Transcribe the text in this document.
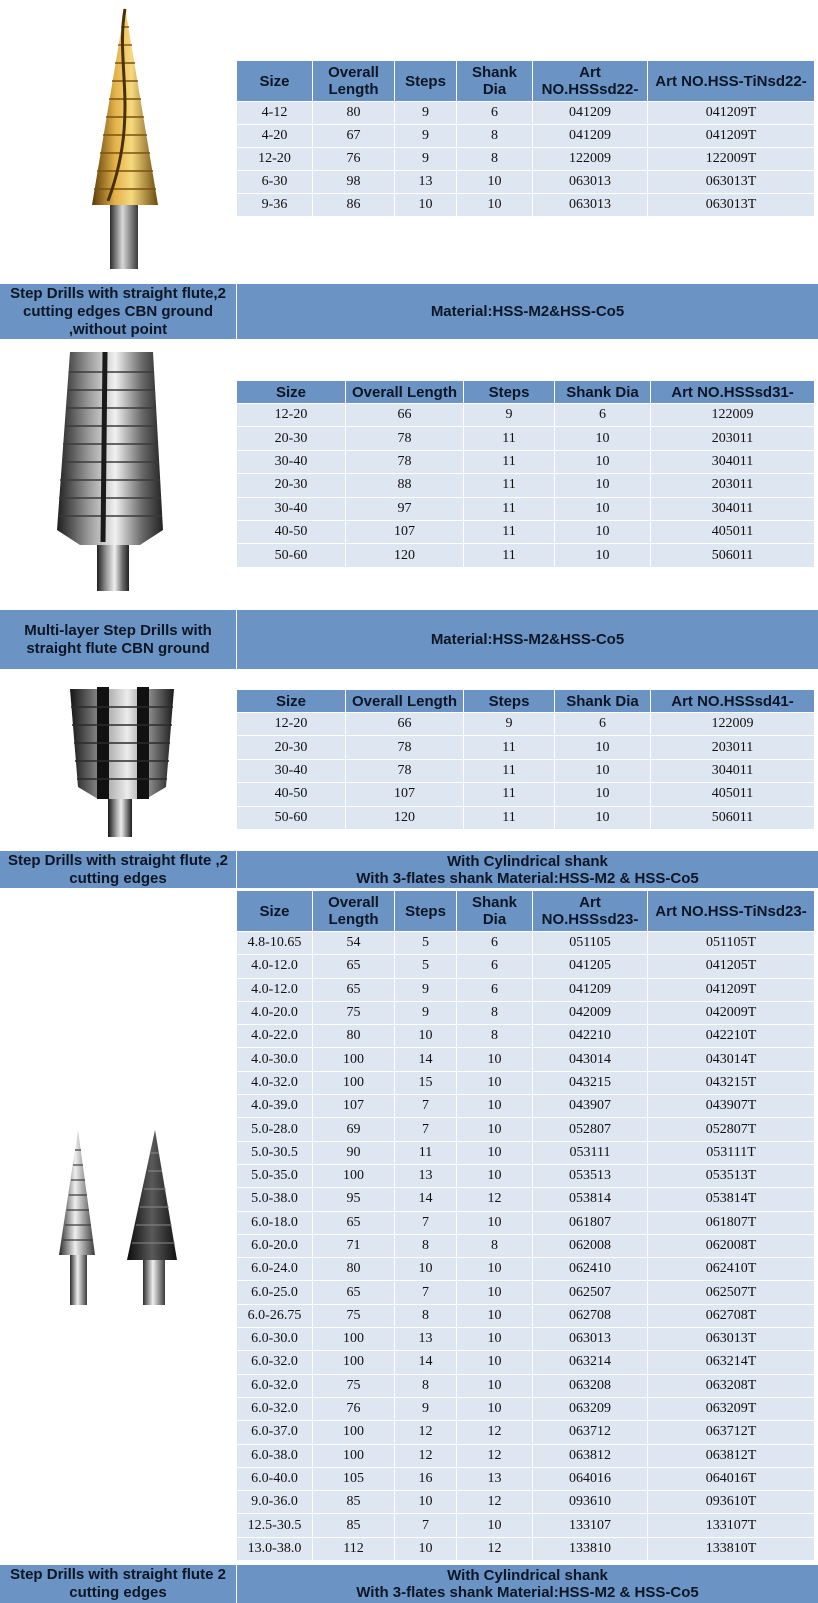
Size	Overall Length	Steps	Shank Dia	Art NO.HSSsd22-	Art NO.HSS-TiNsd22-
4-12	80	9	6	041209	041209T
4-20	67	9	8	041209	041209T
12-20	76	9	8	122009	122009T
6-30	98	13	10	063013	063013T
9-36	86	10	10	063013	063013T
Step Drills with straight flute,2 cutting edges CBN ground ,without point
Material:HSS-M2&HSS-Co5
Size	Overall Length	Steps	Shank Dia	Art NO.HSSsd31-
12-20	66	9	6	122009
20-30	78	11	10	203011
30-40	78	11	10	304011
20-30	88	11	10	203011
30-40	97	11	10	304011
40-50	107	11	10	405011
50-60	120	11	10	506011
Multi-layer Step Drills with straight flute CBN ground	Material:HSS-M2&HSS-Co5
Size	Overall Length	Steps	Shank Dia	Art NO.HSSsd41-
12-20	66	9	6	122009
20-30	78	11	10	203011
30-40	78	11	10	304011
40-50	107	11	10	405011
50-60	120	11	10	506011
Step Drills with straight flute ,2 cutting edges
With Cylindrical shank
With 3-flates shank Material:HSS-M2 & HSS-Co5
Size	Overall Length	Steps	Shank Dia	Art NO.HSSsd23-	Art NO.HSS-TiNsd23-
4.8-10.65	54	5	6	051105	051105T
4.0-12.0	65	5	6	041205	041205T
4.0-12.0	65	9	6	041209	041209T
4.0-20.0	75	9	8	042009	042009T
4.0-22.0	80	10	8	042210	042210T
4.0-30.0	100	14	10	043014	043014T
4.0-32.0	100	15	10	043215	043215T
4.0-39.0	107	7	10	043907	043907T
5.0-28.0	69	7	10	052807	052807T
5.0-30.5	90	11	10	053111	053111T
5.0-35.0	100	13	10	053513	053513T
5.0-38.0	95	14	12	053814	053814T
6.0-18.0	65	7	10	061807	061807T
6.0-20.0	71	8	8	062008	062008T
6.0-24.0	80	10	10	062410	062410T
6.0-25.0	65	7	10	062507	062507T
6.0-26.75	75	8	10	062708	062708T
6.0-30.0	100	13	10	063013	063013T
6.0-32.0	100	14	10	063214	063214T
6.0-32.0	75	8	10	063208	063208T
6.0-32.0	76	9	10	063209	063209T
6.0-37.0	100	12	12	063712	063712T
6.0-38.0	100	12	12	063812	063812T
6.0-40.0	105	16	13	064016	064016T
9.0-36.0	85	10	12	093610	093610T
12.5-30.5	85	7	10	133107	133107T
13.0-38.0	112	10	12	133810	133810T
Step Drills with straight flute 2 cutting edges
With Cylindrical shank
With 3-flates shank Material:HSS-M2 & HSS-Co5
